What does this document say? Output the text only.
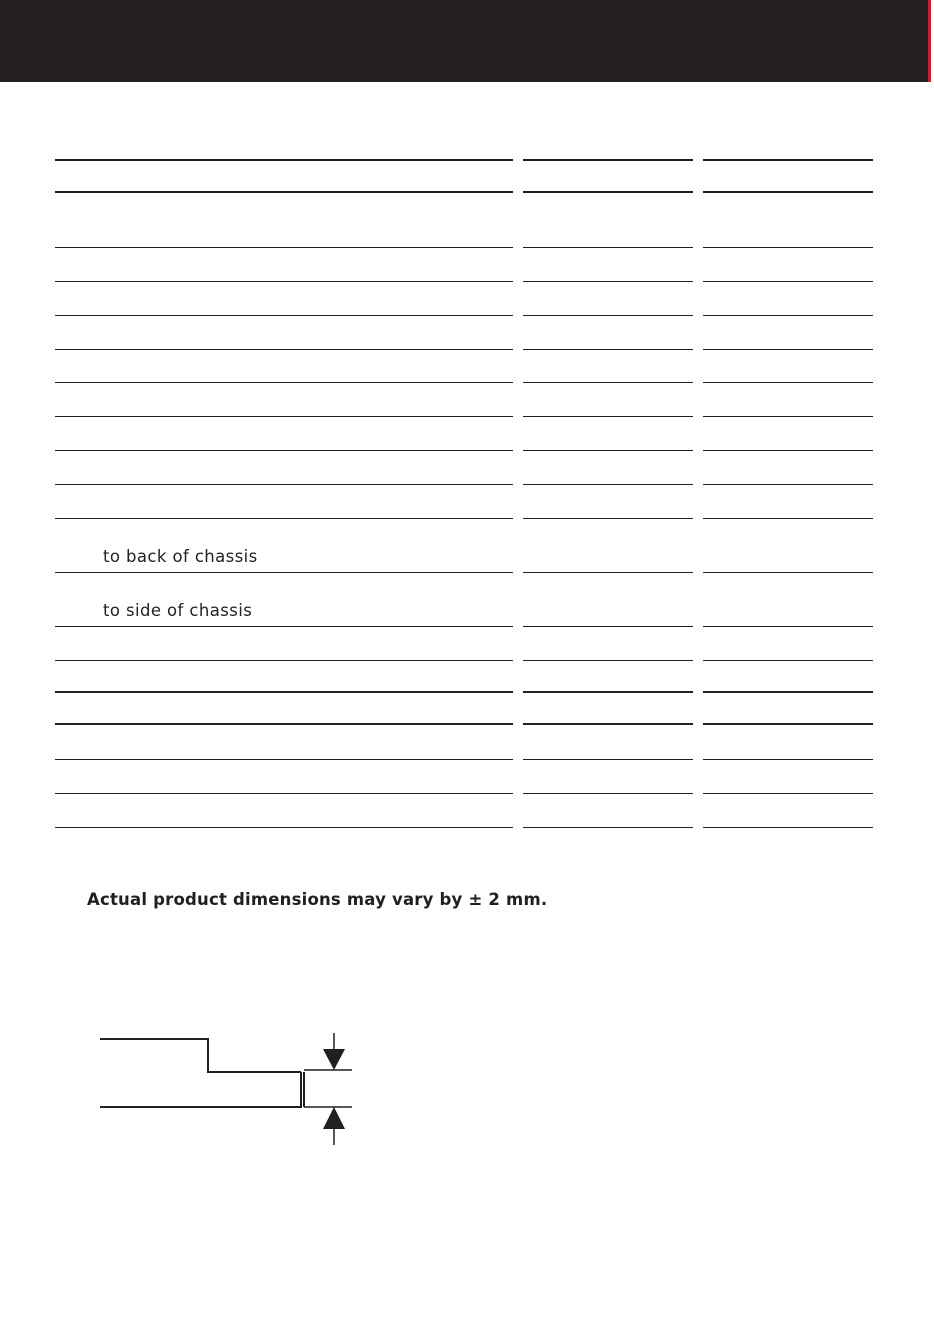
to back of chassis
to side of chassis
Actual product dimensions may vary by ± 2 mm.
